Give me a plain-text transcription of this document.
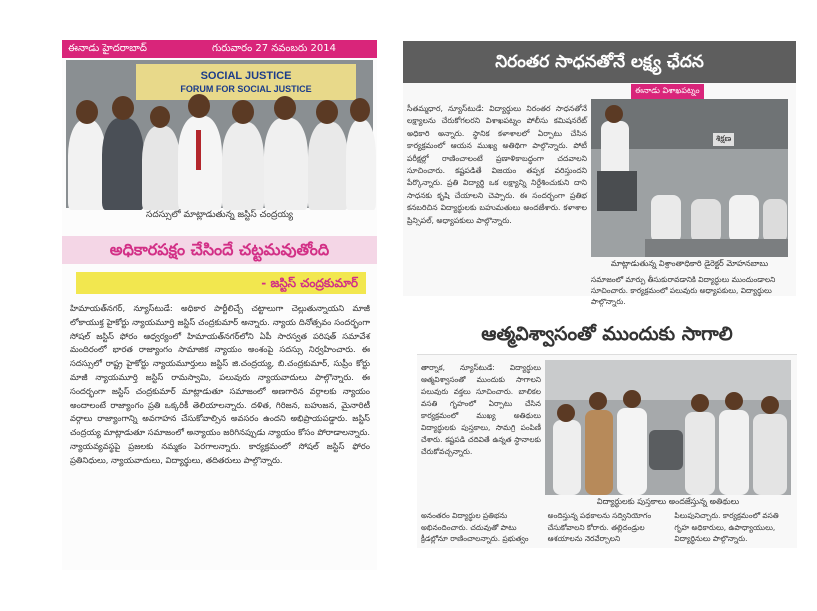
ఈనాడు హైదరాబాద్	గురువారం 27 నవంబరు 2014
SOCIAL JUSTICE
FORUM FOR SOCIAL JUSTICE
సదస్సులో మాట్లాడుతున్న జస్టిస్ చంద్రయ్య
అధికారపక్షం చేసిందే చట్టమవుతోంది
- జస్టిస్ చంద్రకుమార్
హిమాయత్‌నగర్, న్యూస్‌టుడే: అధికార పార్టీలిచ్చే చట్టాలుగా చెల్లుతున్నాయని మాజీ లోకాయుక్త హైకోర్టు న్యాయమూర్తి జస్టిస్ చంద్రకుమార్ అన్నారు. న్యాయ దినోత్సవం సందర్భంగా సోషల్ జస్టిస్ ఫోరం ఆధ్వర్యంలో హిమాయత్‌నగర్‌లోని ఏపీ సారస్వత పరిషత్ సమావేశ మందిరంలో భారత రాజ్యాంగం సామాజిక న్యాయం అంశంపై సదస్సు నిర్వహించారు. ఈ సదస్సులో రాష్ట్ర హైకోర్టు న్యాయమూర్తులు జస్టిస్ జి.చంద్రయ్య, బి.చంద్రకుమార్, సుప్రీం కోర్టు మాజీ న్యాయమూర్తి జస్టిస్ రామస్వామి, పలువురు న్యాయవాదులు పాల్గొన్నారు. ఈ సందర్భంగా జస్టిస్ చంద్రకుమార్ మాట్లాడుతూ సమాజంలో అణగారిన వర్గాలకు న్యాయం అందాలంటే రాజ్యాంగం ప్రతి ఒక్కరికీ తెలియాలన్నారు. దళిత, గిరిజన, బహుజన, మైనారిటీ వర్గాలు రాజ్యాంగాన్ని అవగాహన చేసుకోవాల్సిన అవసరం ఉందని అభిప్రాయపడ్డారు. జస్టిస్ చంద్రయ్య మాట్లాడుతూ సమాజంలో అన్యాయం జరిగినప్పుడు న్యాయం కోసం పోరాడాలన్నారు. న్యాయవ్యవస్థపై ప్రజలకు నమ్మకం పెరగాలన్నారు. కార్యక్రమంలో సోషల్ జస్టిస్ ఫోరం ప్రతినిధులు, న్యాయవాదులు, విద్యార్థులు, తదితరులు పాల్గొన్నారు.
నిరంతర సాధనతోనే లక్ష్య ఛేదన
ఈనాడు విశాఖపట్నం
సీతమ్మధార, న్యూస్‌టుడే: విద్యార్థులు నిరంతర సాధనతోనే లక్ష్యాలను చేరుకోగలరని విశాఖపట్నం పోలీసు కమిషనరేట్ అధికారి అన్నారు. స్థానిక కళాశాలలో ఏర్పాటు చేసిన కార్యక్రమంలో ఆయన ముఖ్య అతిథిగా పాల్గొన్నారు. పోటీ పరీక్షల్లో రాణించాలంటే ప్రణాళికాబద్ధంగా చదవాలని సూచించారు. కష్టపడితే విజయం తప్పక వరిస్తుందని పేర్కొన్నారు. ప్రతి విద్యార్థి ఒక లక్ష్యాన్ని నిర్దేశించుకుని దాని సాధనకు కృషి చేయాలని చెప్పారు. ఈ సందర్భంగా ప్రతిభ కనబరిచిన విద్యార్థులకు బహుమతులు అందజేశారు. కళాశాల ప్రిన్సిపల్, అధ్యాపకులు పాల్గొన్నారు.
శిక్షణ
మాట్లాడుతున్న విశ్రాంతాధికారి డైరెక్టర్ మోహనబాబు
సమాజంలో మార్పు తీసుకురావడానికి విద్యార్థులు ముందుండాలని సూచించారు. కార్యక్రమంలో పలువురు అధ్యాపకులు, విద్యార్థులు పాల్గొన్నారు.
ఆత్మవిశ్వాసంతో ముందుకు సాగాలి
తార్నాక, న్యూస్‌టుడే: విద్యార్థులు ఆత్మవిశ్వాసంతో ముందుకు సాగాలని పలువురు వక్తలు సూచించారు. బాలికల వసతి గృహంలో ఏర్పాటు చేసిన కార్యక్రమంలో ముఖ్య అతిథులు విద్యార్థులకు పుస్తకాలు, సామగ్రి పంపిణీ చేశారు. కష్టపడి చదివితే ఉన్నత స్థానాలకు చేరుకోవచ్చన్నారు.
విద్యార్థులకు పుస్తకాలు అందజేస్తున్న అతిథులు
అనంతరం విద్యార్థుల ప్రతిభను అభినందించారు. చదువుతో పాటు క్రీడల్లోనూ రాణించాలన్నారు. ప్రభుత్వం అందిస్తున్న పథకాలను సద్వినియోగం చేసుకోవాలని కోరారు. తల్లిదండ్రుల ఆశయాలను నెరవేర్చాలని పిలుపునిచ్చారు. కార్యక్రమంలో వసతి గృహ అధికారులు, ఉపాధ్యాయులు, విద్యార్థినులు పాల్గొన్నారు.
